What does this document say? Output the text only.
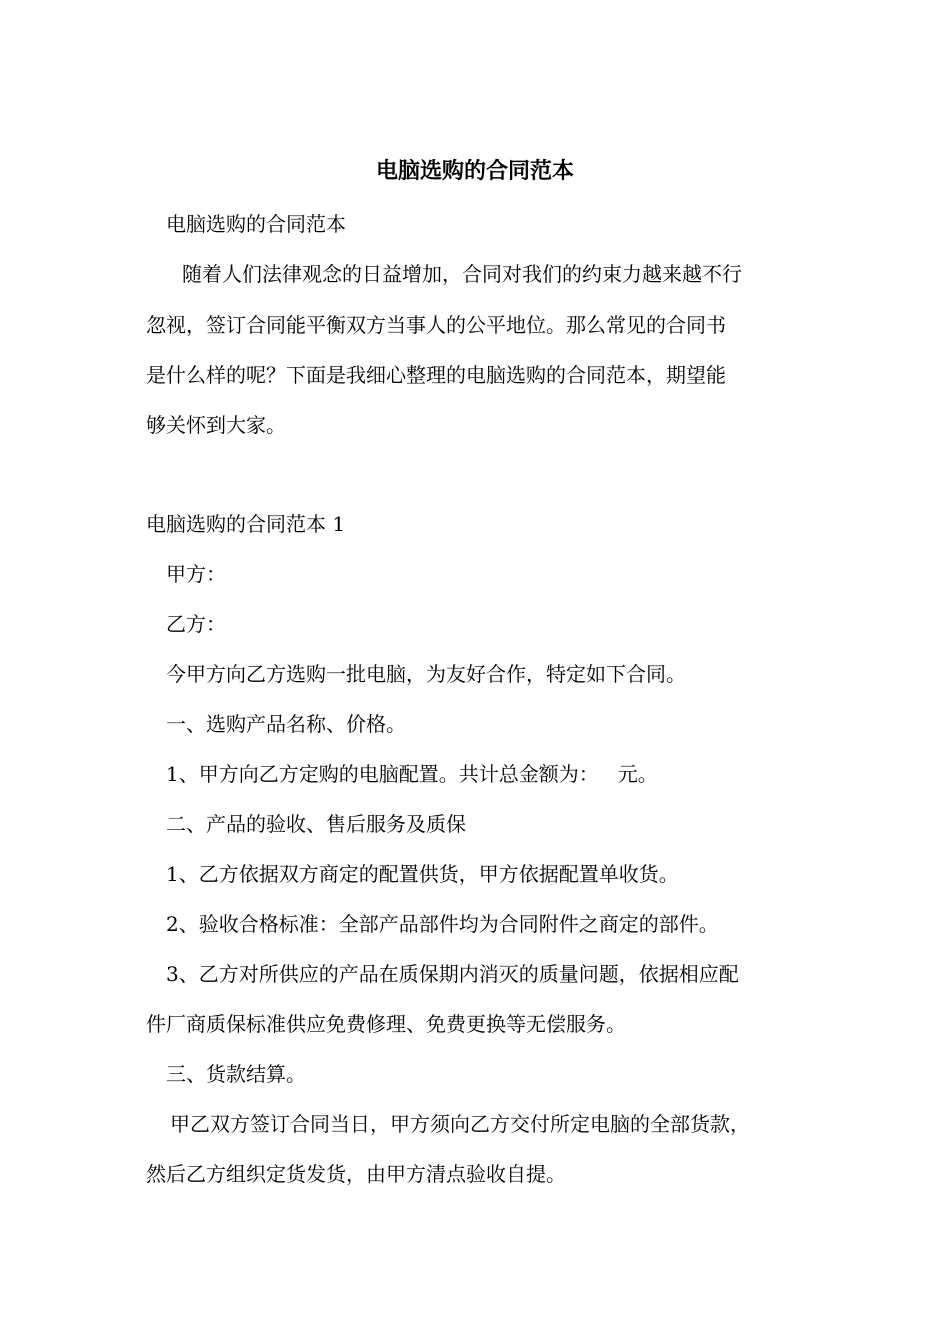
电脑选购的合同范本

电脑选购的合同范本

随着人们法律观念的日益增加，合同对我们的约束力越来越不行

忽视，签订合同能平衡双方当事人的公平地位。那么常见的合同书

是什么样的呢？下面是我细心整理的电脑选购的合同范本，期望能

够关怀到大家。

电脑选购的合同范本 1

甲方：

乙方：

今甲方向乙方选购一批电脑，为友好合作，特定如下合同。

一、选购产品名称、价格。

1、甲方向乙方定购的电脑配置。共计总金额为：   元。

二、产品的验收、售后服务及质保

1、乙方依据双方商定的配置供货，甲方依据配置单收货。

2、验收合格标准：全部产品部件均为合同附件之商定的部件。

3、乙方对所供应的产品在质保期内消灭的质量问题，依据相应配

件厂商质保标准供应免费修理、免费更换等无偿服务。

三、货款结算。

甲乙双方签订合同当日，甲方须向乙方交付所定电脑的全部货款，

然后乙方组织定货发货，由甲方清点验收自提。
